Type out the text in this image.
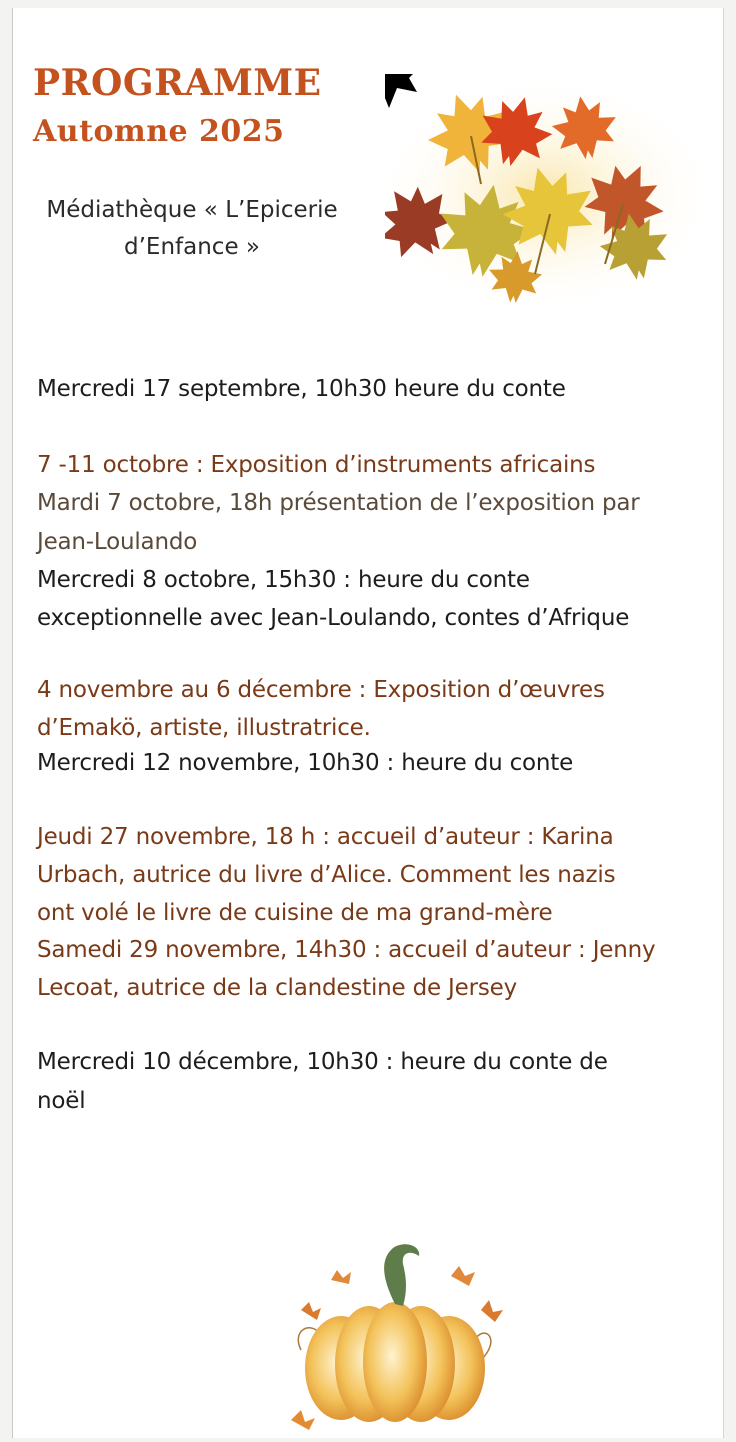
PROGRAMME
Automne 2025

Médiathèque « L’Epicerie
d’Enfance »

Mercredi 17 septembre, 10h30 heure du conte

7 -11 octobre : Exposition d’instruments africains

Mardi 7 octobre, 18h présentation de l’exposition par

Jean-Loulando

Mercredi 8 octobre, 15h30 : heure du conte

exceptionnelle avec Jean-Loulando, contes d’Afrique

4 novembre au 6 décembre : Exposition d’œuvres

d’Emakö, artiste, illustratrice.

Mercredi 12 novembre, 10h30 : heure du conte

Jeudi 27 novembre, 18 h : accueil d’auteur : Karina

Urbach, autrice du livre d’Alice. Comment les nazis

ont volé le livre de cuisine de ma grand-mère

Samedi 29 novembre, 14h30 : accueil d’auteur : Jenny

Lecoat, autrice de la clandestine de Jersey

Mercredi 10 décembre, 10h30 : heure du conte de

noël
